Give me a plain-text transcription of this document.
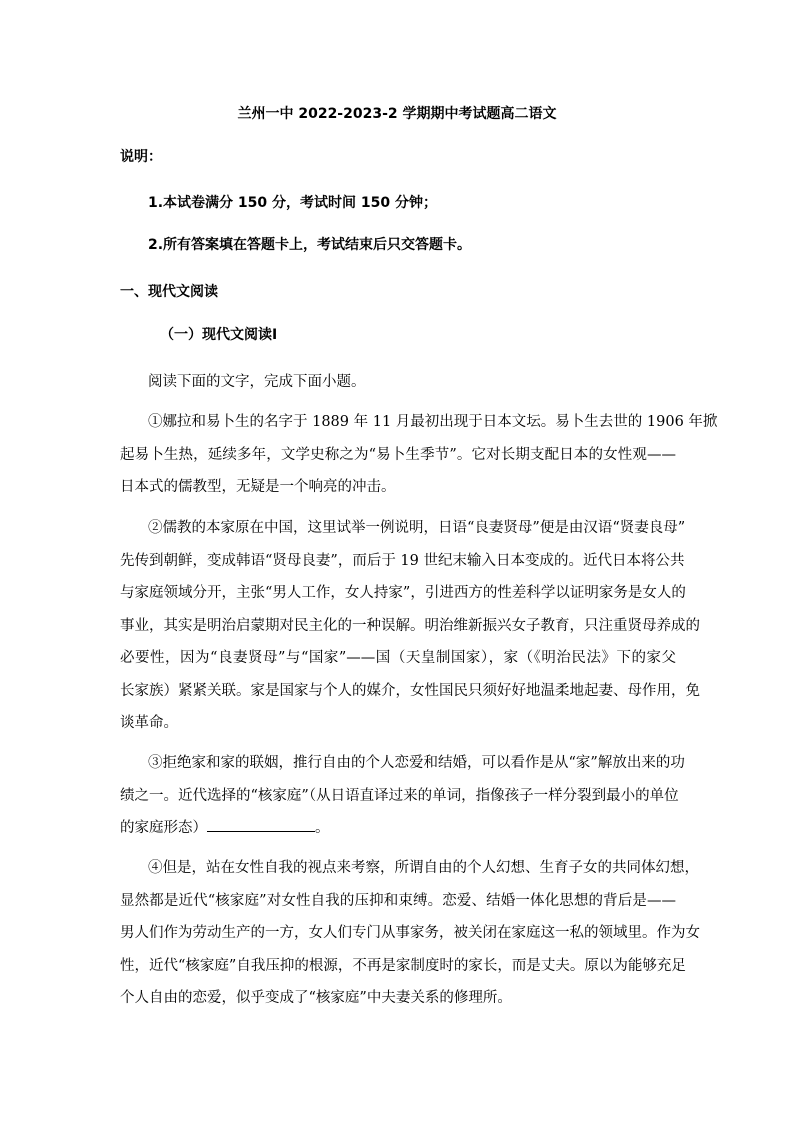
兰州一中 2022-2023-2 学期期中考试题高二语文
说明：
1.本试卷满分 150 分，考试时间 150 分钟；
2.所有答案填在答题卡上，考试结束后只交答题卡。
一、现代文阅读
（一）现代文阅读Ⅰ
阅读下面的文字，完成下面小题。
①娜拉和易卜生的名字于 1889 年 11 月最初出现于日本文坛。易卜生去世的 1906 年掀
起易卜生热，延续多年，文学史称之为“易卜生季节”。它对长期支配日本的女性观——
日本式的儒教型，无疑是一个响亮的冲击。
②儒教的本家原在中国，这里试举一例说明，日语“良妻贤母”便是由汉语“贤妻良母”
先传到朝鲜，变成韩语“贤母良妻”，而后于 19 世纪末输入日本变成的。近代日本将公共
与家庭领域分开，主张“男人工作，女人持家”，引进西方的性差科学以证明家务是女人的
事业，其实是明治启蒙期对民主化的一种误解。明治维新振兴女子教育，只注重贤母养成的
必要性，因为“良妻贤母”与“国家”——国（天皇制国家），家（《明治民法》下的家父
长家族）紧紧关联。家是国家与个人的媒介，女性国民只须好好地温柔地起妻、母作用，免
谈革命。
③拒绝家和家的联姻，推行自由的个人恋爱和结婚，可以看作是从“家”解放出来的功
绩之一。近代选择的“核家庭”（从日语直译过来的单词，指像孩子一样分裂到最小的单位
的家庭形态）	。
④但是，站在女性自我的视点来考察，所谓自由的个人幻想、生育子女的共同体幻想，
显然都是近代“核家庭”对女性自我的压抑和束缚。恋爱、结婚一体化思想的背后是——
男人们作为劳动生产的一方，女人们专门从事家务，被关闭在家庭这一私的领域里。作为女
性，近代“核家庭”自我压抑的根源，不再是家制度时的家长，而是丈夫。原以为能够充足
个人自由的恋爱，似乎变成了“核家庭”中夫妻关系的修理所。
